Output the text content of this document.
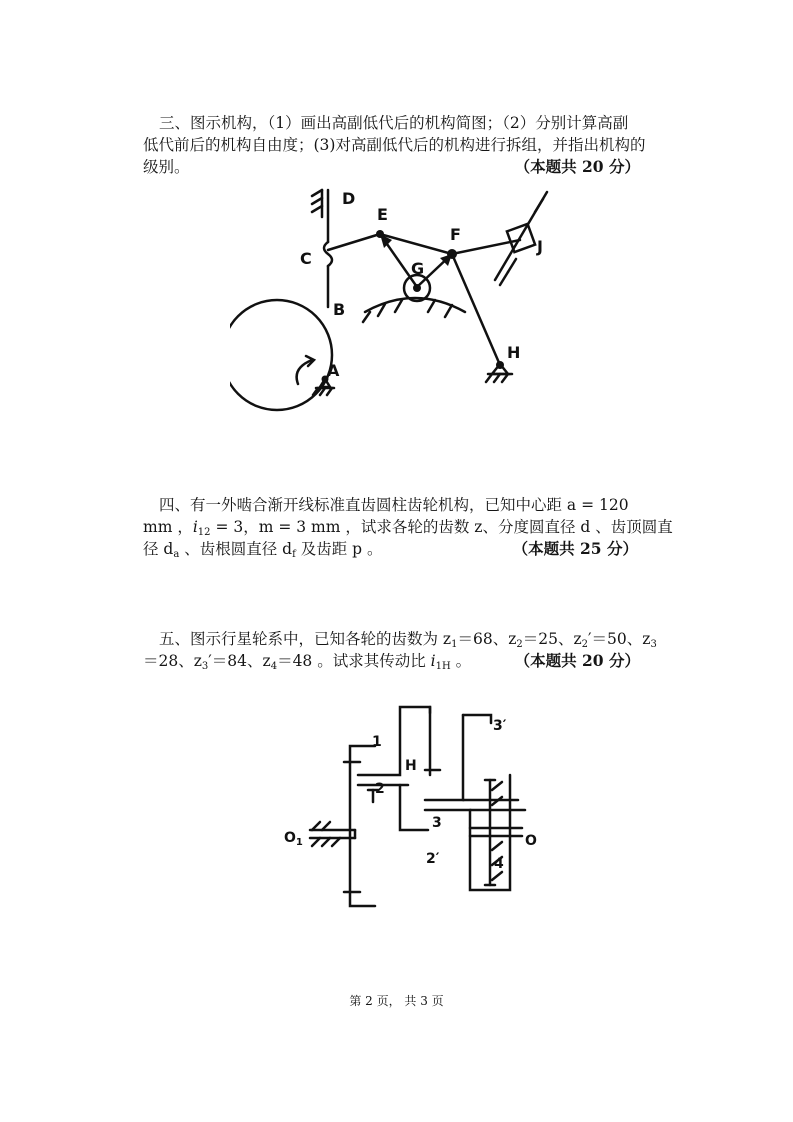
三、图示机构，（1）画出高副低代后的机构简图；（2）分别计算高副
低代前后的机构自由度；(3)对高副低代后的机构进行拆组，并指出机构的
级别。	（本题共 20 分）
D
E
F
C
G
J
B
H
A
四、有一外啮合渐开线标准直齿圆柱齿轮机构，已知中心距 a = 120
mm ，$i_{12} = 3$，m = 3 mm ，试求各轮的齿数 z、分度圆直径 d 、齿顶圆直
径 $d_a$ 、齿根圆直径 $d_f$ 及齿距 p 。	（本题共 25 分）
五、图示行星轮系中，已知各轮的齿数为 $z_1=68$、$z_2=25$、$z_2'=50$、$z_3$
＝28、$z_3'=84$、$z_4=48$ 。试求其传动比 $i_{1H}$ 。	（本题共 20 分）
1
3′
H
2
3
O
2′	4
$O_1$
第 2 页， 共 3 页
